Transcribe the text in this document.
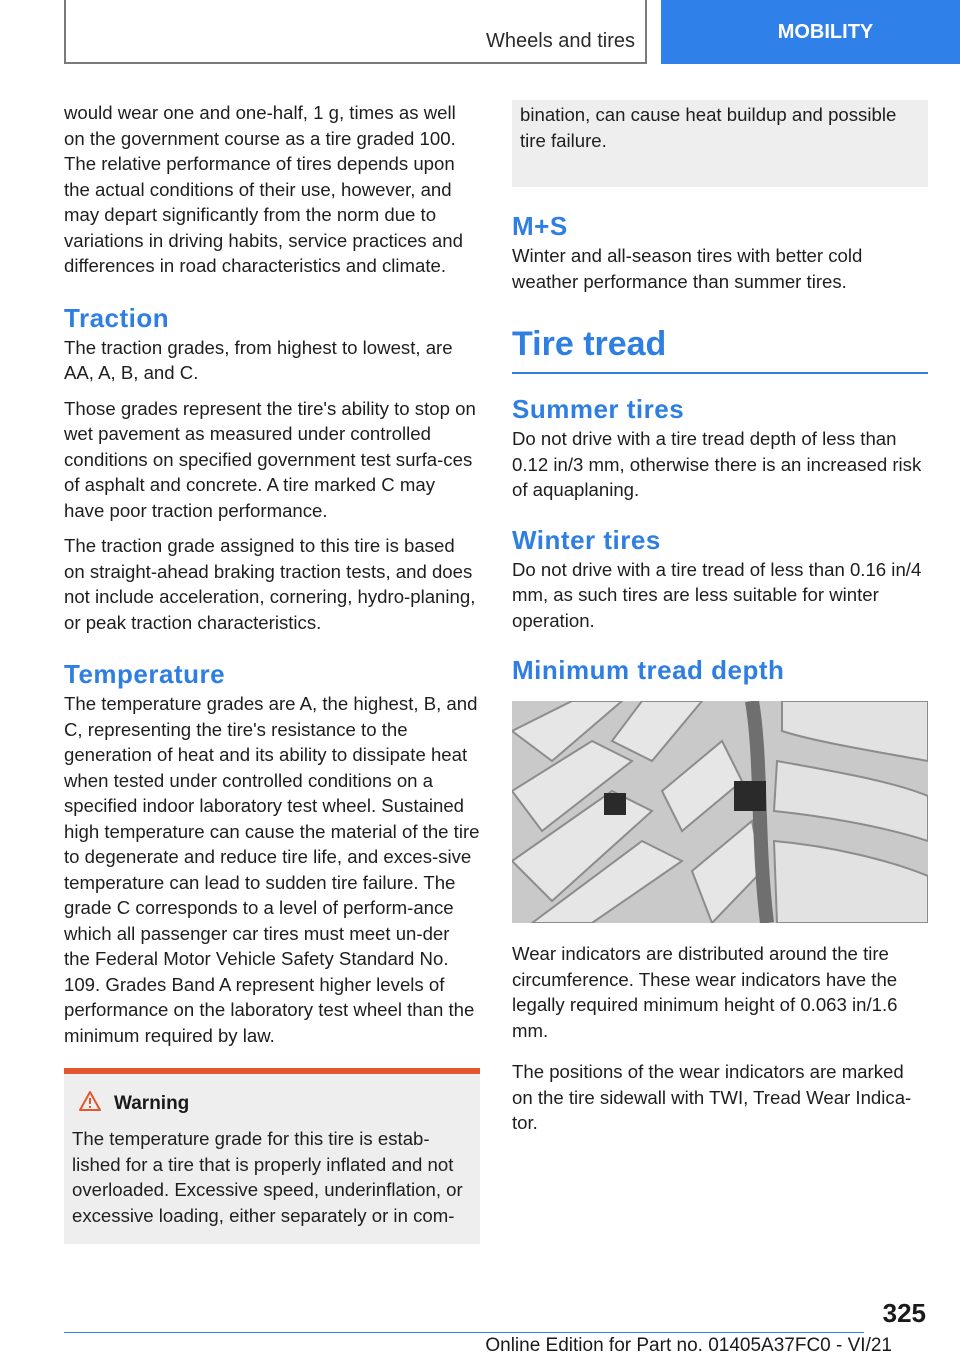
Wheels and tires	MOBILITY

would wear one and one-half, 1 g, times as well on the government course as a tire graded 100. The relative performance of tires depends upon the actual conditions of their use, however, and may depart significantly from the norm due to variations in driving habits, service practices and differences in road characteristics and climate.

Traction

The traction grades, from highest to lowest, are AA, A, B, and C.

Those grades represent the tire's ability to stop on wet pavement as measured under controlled conditions on specified government test surfa-ces of asphalt and concrete. A tire marked C may have poor traction performance.

The traction grade assigned to this tire is based on straight-ahead braking traction tests, and does not include acceleration, cornering, hydro-planing, or peak traction characteristics.

Temperature

The temperature grades are A, the highest, B, and C, representing the tire's resistance to the generation of heat and its ability to dissipate heat when tested under controlled conditions on a specified indoor laboratory test wheel. Sustained high temperature can cause the material of the tire to degenerate and reduce tire life, and exces-sive temperature can lead to sudden tire failure. The grade C corresponds to a level of perform-ance which all passenger car tires must meet un-der the Federal Motor Vehicle Safety Standard No. 109. Grades Band A represent higher levels of performance on the laboratory test wheel than the minimum required by law.

Warning

The temperature grade for this tire is estab-lished for a tire that is properly inflated and not overloaded. Excessive speed, underinflation, or excessive loading, either separately or in com-

bination, can cause heat buildup and possible tire failure.

M+S

Winter and all-season tires with better cold weather performance than summer tires.

Tire tread
Summer tires

Do not drive with a tire tread depth of less than 0.12 in/3 mm, otherwise there is an increased risk of aquaplaning.

Winter tires

Do not drive with a tire tread of less than 0.16 in/4 mm, as such tires are less suitable for winter operation.

Minimum tread depth

Wear indicators are distributed around the tire circumference. These wear indicators have the legally required minimum height of 0.063 in/1.6 mm.

The positions of the wear indicators are marked on the tire sidewall with TWI, Tread Wear Indica-tor.

325
Online Edition for Part no. 01405A37FC0 - VI/21
